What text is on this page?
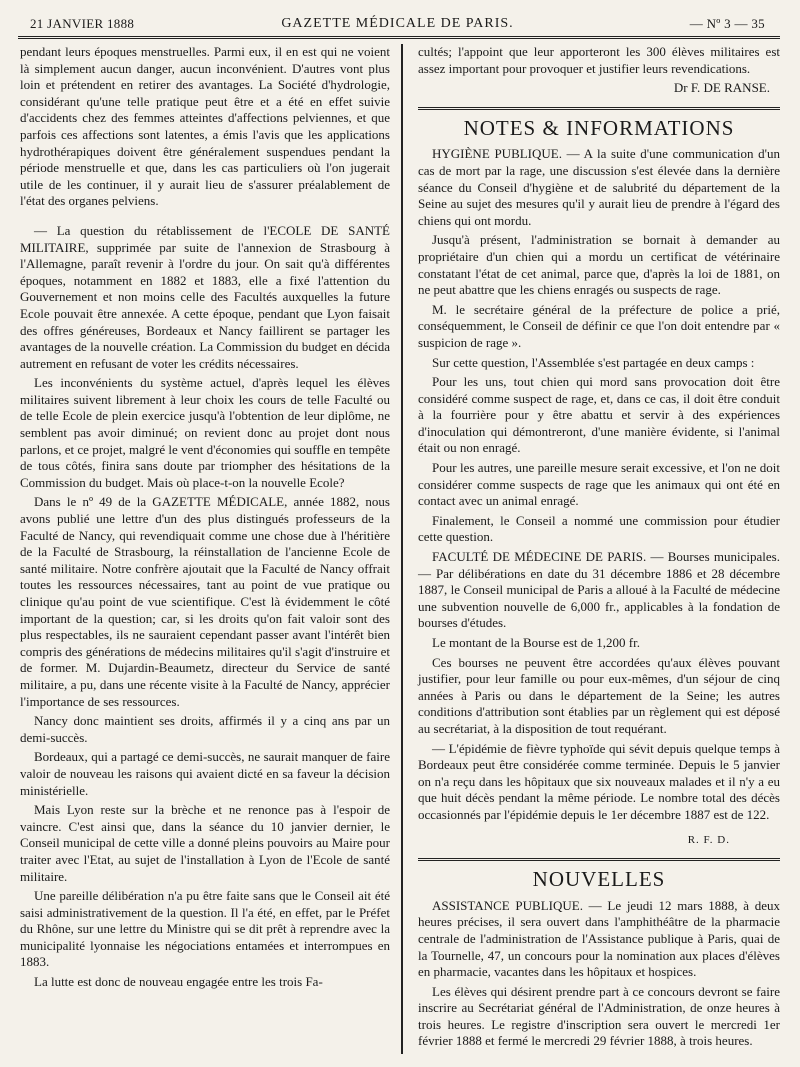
21 JANVIER 1888	GAZETTE MÉDICALE DE PARIS.	— Nº 3 — 35

pendant leurs époques menstruelles. Parmi eux, il en est qui ne voient là simplement aucun danger, aucun inconvénient. D'autres vont plus loin et prétendent en retirer des avantages. La Société d'hydrologie, considérant qu'une telle pratique peut être et a été en effet suivie d'accidents chez des femmes atteintes d'affections pelviennes, et que parfois ces affections sont latentes, a émis l'avis que les applications hydrothérapiques doivent être généralement suspendues pendant la période menstruelle et que, dans les cas particuliers où l'on jugerait utile de les continuer, il y aurait lieu de s'assurer préalablement de l'état des organes pelviens.

— La question du rétablissement de l'ECOLE DE SANTÉ MILITAIRE, supprimée par suite de l'annexion de Strasbourg à l'Allemagne, paraît revenir à l'ordre du jour. On sait qu'à différentes époques, notamment en 1882 et 1883, elle a fixé l'attention du Gouvernement et non moins celle des Facultés auxquelles la future Ecole pouvait être annexée. A cette époque, pendant que Lyon faisait des offres généreuses, Bordeaux et Nancy faillirent se partager les avantages de la nouvelle création. La Commission du budget en décida autrement en refusant de voter les crédits nécessaires.

Les inconvénients du système actuel, d'après lequel les élèves militaires suivent librement à leur choix les cours de telle Faculté ou de telle Ecole de plein exercice jusqu'à l'obtention de leur diplôme, ne semblent pas avoir diminué; on revient donc au projet dont nous parlons, et ce projet, malgré le vent d'économies qui souffle en tempête de tous côtés, finira sans doute par triompher des hésitations de la Commission du budget. Mais où place-t-on la nouvelle Ecole?

Dans le nº 49 de la GAZETTE MÉDICALE, année 1882, nous avons publié une lettre d'un des plus distingués professeurs de la Faculté de Nancy, qui revendiquait comme une chose due à l'héritière de la Faculté de Strasbourg, la réinstallation de l'ancienne Ecole de santé militaire. Notre confrère ajoutait que la Faculté de Nancy offrait toutes les ressources nécessaires, tant au point de vue pratique ou clinique qu'au point de vue scientifique. C'est là évidemment le côté important de la question; car, si les droits qu'on fait valoir sont des plus respectables, ils ne sauraient cependant passer avant l'intérêt bien compris des générations de médecins militaires qu'il s'agit d'instruire et de former. M. Dujardin-Beaumetz, directeur du Service de santé militaire, a pu, dans une récente visite à la Faculté de Nancy, apprécier l'importance de ses ressources.

Nancy donc maintient ses droits, affirmés il y a cinq ans par un demi-succès.

Bordeaux, qui a partagé ce demi-succès, ne saurait manquer de faire valoir de nouveau les raisons qui avaient dicté en sa faveur la décision ministérielle.

Mais Lyon reste sur la brèche et ne renonce pas à l'espoir de vaincre. C'est ainsi que, dans la séance du 10 janvier dernier, le Conseil municipal de cette ville a donné pleins pouvoirs au Maire pour traiter avec l'Etat, au sujet de l'installation à Lyon de l'Ecole de santé militaire.

Une pareille délibération n'a pu être faite sans que le Conseil ait été saisi administrativement de la question. Il l'a été, en effet, par le Préfet du Rhône, sur une lettre du Ministre qui se dit prêt à reprendre avec la municipalité lyonnaise les négociations entamées et interrompues en 1883.

La lutte est donc de nouveau engagée entre les trois Fa-

cultés; l'appoint que leur apporteront les 300 élèves militaires est assez important pour provoquer et justifier leurs revendications.

Dr F. DE RANSE.
NOTES & INFORMATIONS

HYGIÈNE PUBLIQUE. — A la suite d'une communication d'un cas de mort par la rage, une discussion s'est élevée dans la dernière séance du Conseil d'hygiène et de salubrité du département de la Seine au sujet des mesures qu'il y aurait lieu de prendre à l'égard des chiens qui ont mordu.

Jusqu'à présent, l'administration se bornait à demander au propriétaire d'un chien qui a mordu un certificat de vétérinaire constatant l'état de cet animal, parce que, d'après la loi de 1881, on ne peut abattre que les chiens enragés ou suspects de rage.

M. le secrétaire général de la préfecture de police a prié, conséquemment, le Conseil de définir ce que l'on doit entendre par « suspicion de rage ».

Sur cette question, l'Assemblée s'est partagée en deux camps :

Pour les uns, tout chien qui mord sans provocation doit être considéré comme suspect de rage, et, dans ce cas, il doit être conduit à la fourrière pour y être abattu et servir à des expériences d'inoculation qui démontreront, d'une manière évidente, si l'animal était ou non enragé.

Pour les autres, une pareille mesure serait excessive, et l'on ne doit considérer comme suspects de rage que les animaux qui ont été en contact avec un animal enragé.

Finalement, le Conseil a nommé une commission pour étudier cette question.

FACULTÉ DE MÉDECINE DE PARIS. — Bourses municipales. — Par délibérations en date du 31 décembre 1886 et 28 décembre 1887, le Conseil municipal de Paris a alloué à la Faculté de médecine une subvention nouvelle de 6,000 fr., applicables à la fondation de bourses d'études.

Le montant de la Bourse est de 1,200 fr.

Ces bourses ne peuvent être accordées qu'aux élèves pouvant justifier, pour leur famille ou pour eux-mêmes, d'un séjour de cinq années à Paris ou dans le département de la Seine; les autres conditions d'attribution sont établies par un règlement qui est déposé au secrétariat, à la disposition de tout requérant.

— L'épidémie de fièvre typhoïde qui sévit depuis quelque temps à Bordeaux peut être considérée comme terminée. Depuis le 5 janvier on n'a reçu dans les hôpitaux que six nouveaux malades et il n'y a eu que huit décès pendant la même période. Le nombre total des décès occasionnés par l'épidémie depuis le 1er décembre 1887 est de 122.

R. F. D.
NOUVELLES

ASSISTANCE PUBLIQUE. — Le jeudi 12 mars 1888, à deux heures précises, il sera ouvert dans l'amphithéâtre de la pharmacie centrale de l'administration de l'Assistance publique à Paris, quai de la Tournelle, 47, un concours pour la nomination aux places d'élèves en pharmacie, vacantes dans les hôpitaux et hospices.

Les élèves qui désirent prendre part à ce concours devront se faire inscrire au Secrétariat général de l'Administration, de onze heures à trois heures. Le registre d'inscription sera ouvert le mercredi 1er février 1888 et fermé le mercredi 29 février 1888, à trois heures.
